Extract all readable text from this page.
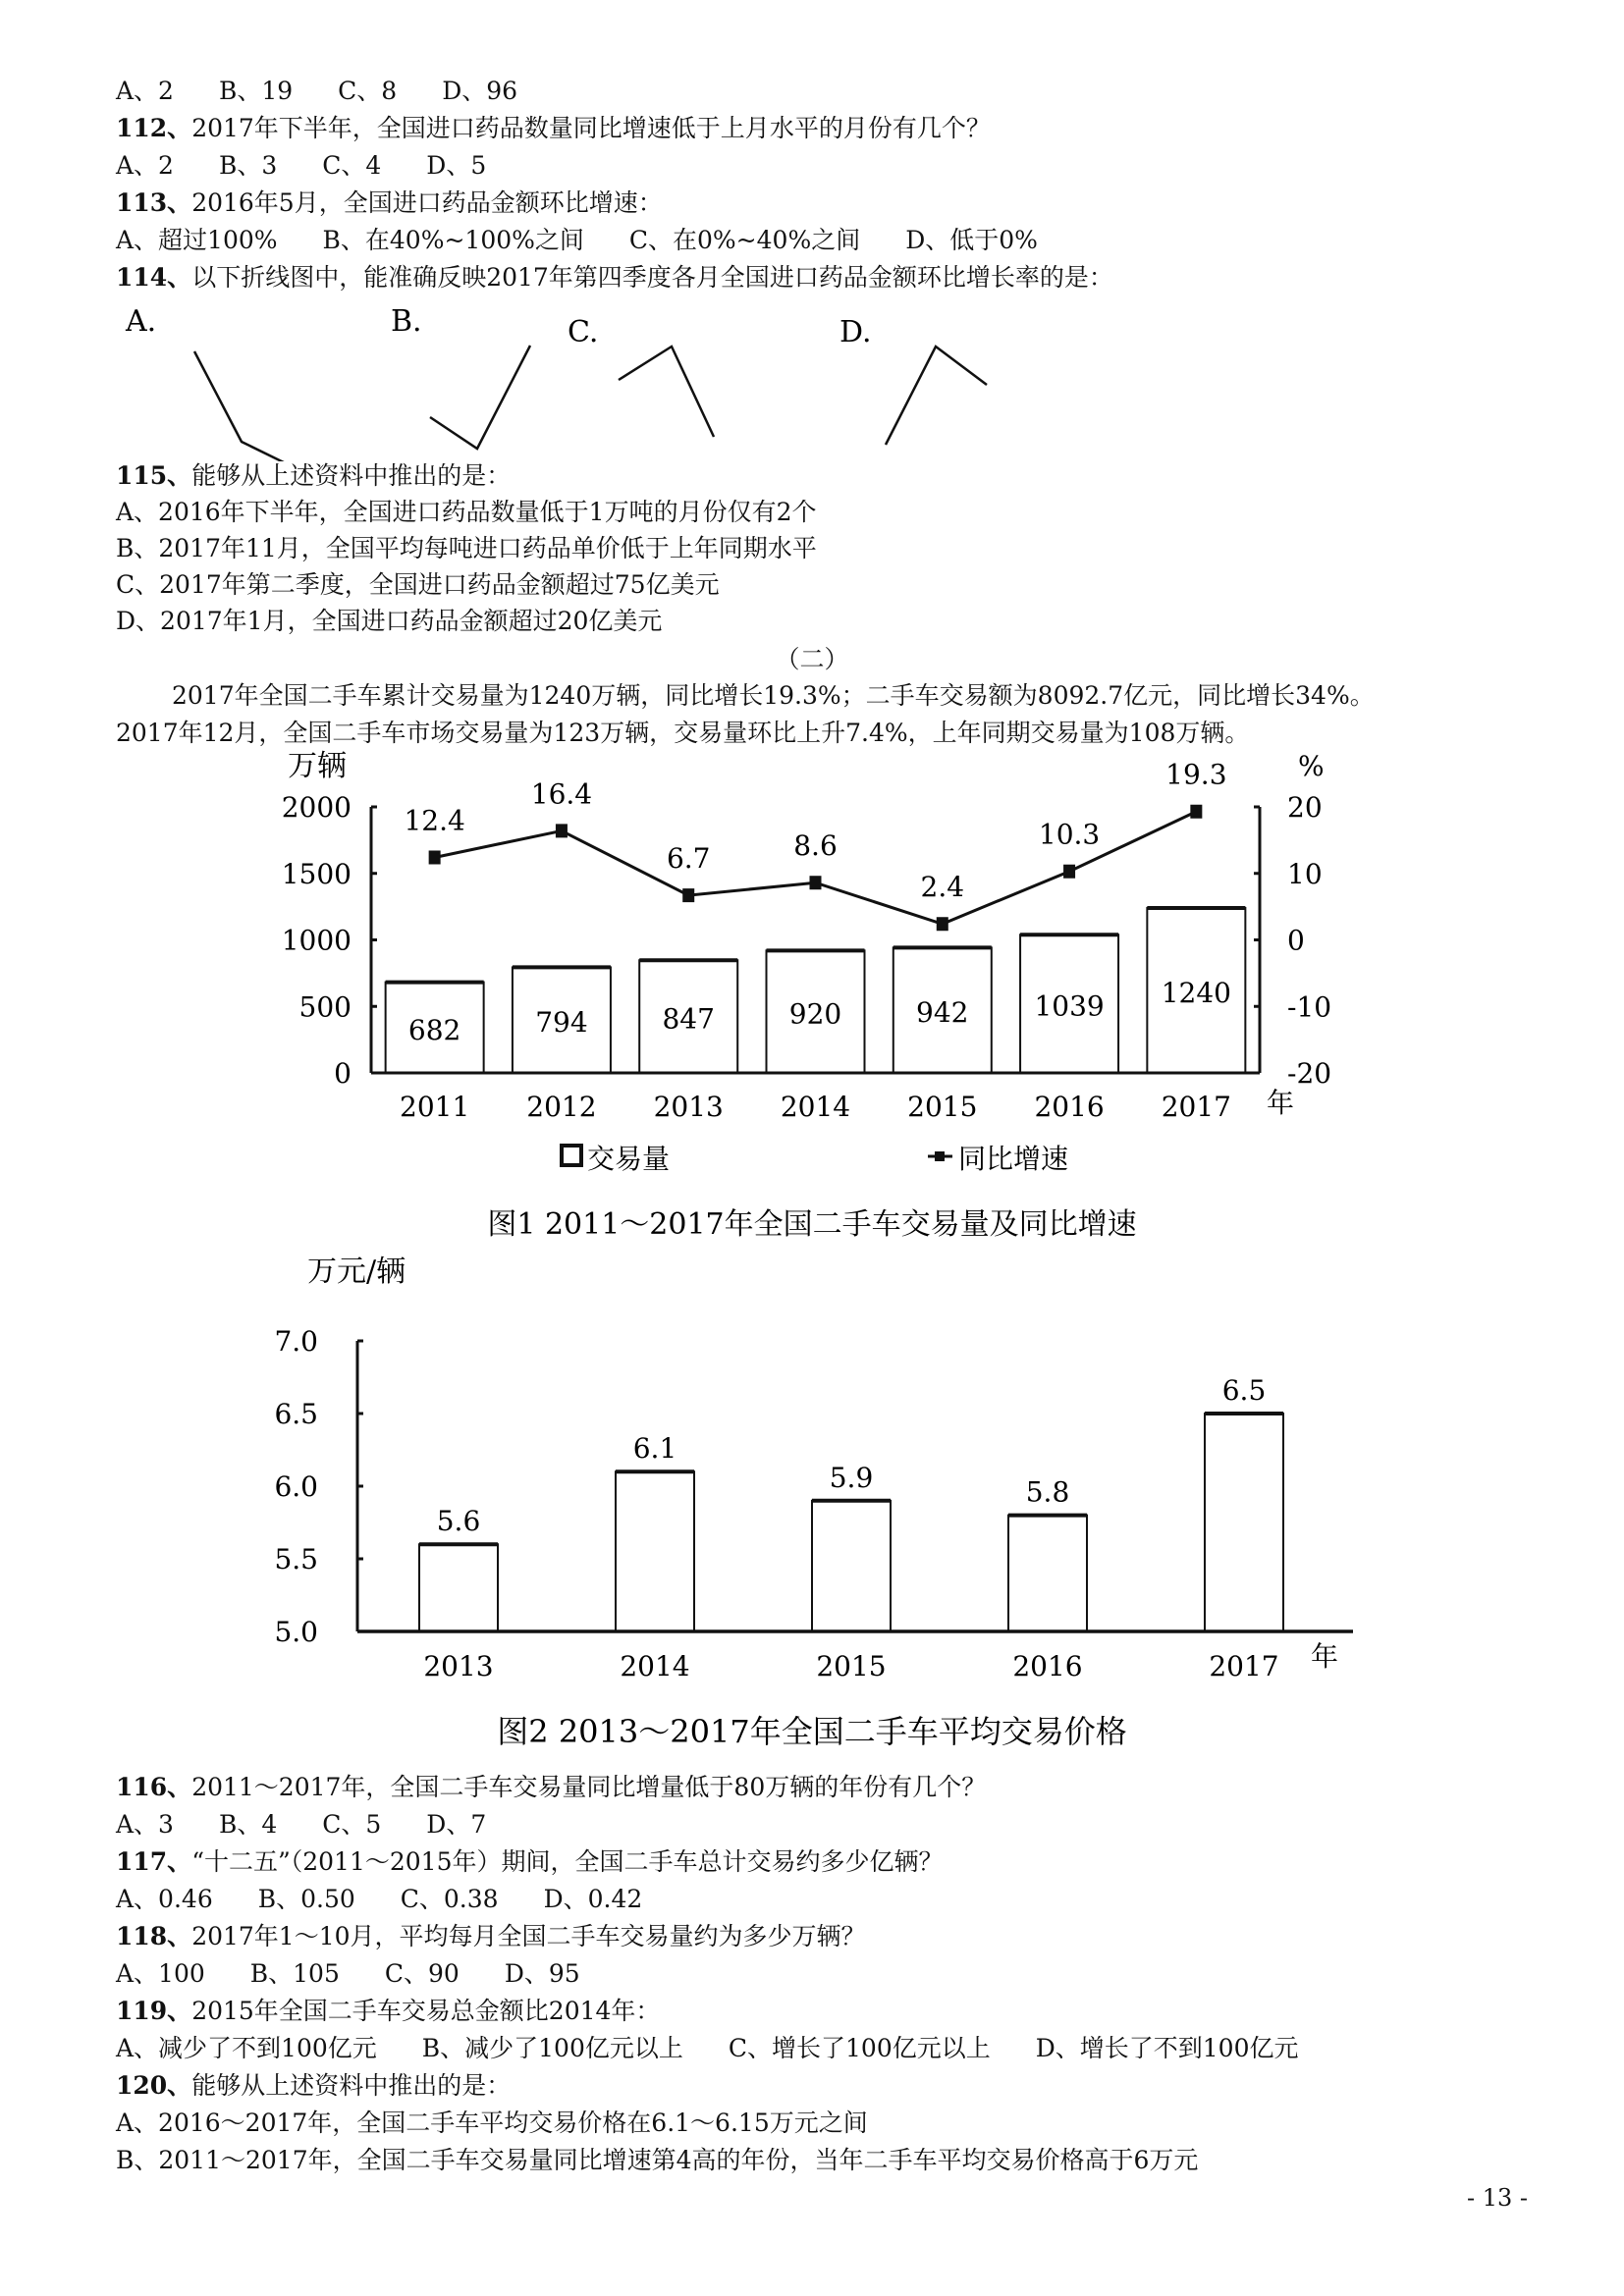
A、2 B、19 C、8 D、96
112、2017年下半年，全国进口药品数量同比增速低于上月水平的月份有几个？
A、2 B、3 C、4 D、5
113、2016年5月，全国进口药品金额环比增速：
A、超过100% B、在40%~100%之间 C、在0%~40%之间 D、低于0%
114、以下折线图中，能准确反映2017年第四季度各月全国进口药品金额环比增长率的是：
A.	B.	C.	D.
115、能够从上述资料中推出的是：
A、2016年下半年，全国进口药品数量低于1万吨的月份仅有2个
B、2017年11月，全国平均每吨进口药品单价低于上年同期水平
C、2017年第二季度，全国进口药品金额超过75亿美元
D、2017年1月，全国进口药品金额超过20亿美元
（二）
2017年全国二手车累计交易量为1240万辆，同比增长19.3%；二手车交易额为8092.7亿元，同比增长34%。
2017年12月，全国二手车市场交易量为123万辆，交易量环比上升7.4%，上年同期交易量为108万辆。
万辆	%
0
500
1000
1500
2000
-20
-10
0
10
20
682	794	847	920	942 1039 1240
12.4
16.4
6.7	8.6
2.4
10.3
19.3
2011 2012 2013 2014 2015 2016 2017 年
交易量	同比增速
图1 2011～2017年全国二手车交易量及同比增速
万元/辆
5.0
5.5
6.0
6.5
7.0
5.6
6.1
5.9	5.8
6.5
2013	2014	2015	2016	2017 年
图2 2013～2017年全国二手车平均交易价格
116、2011～2017年，全国二手车交易量同比增量低于80万辆的年份有几个？
A、3 B、4 C、5 D、7
117、“十二五”（2011～2015年）期间，全国二手车总计交易约多少亿辆？
A、0.46 B、0.50 C、0.38 D、0.42
118、2017年1～10月，平均每月全国二手车交易量约为多少万辆？
A、100 B、105 C、90 D、95
119、2015年全国二手车交易总金额比2014年：
A、减少了不到100亿元 B、减少了100亿元以上 C、增长了100亿元以上 D、增长了不到100亿元
120、能够从上述资料中推出的是：
A、2016～2017年，全国二手车平均交易价格在6.1～6.15万元之间
B、2011～2017年，全国二手车交易量同比增速第4高的年份，当年二手车平均交易价格高于6万元
- 13 -
